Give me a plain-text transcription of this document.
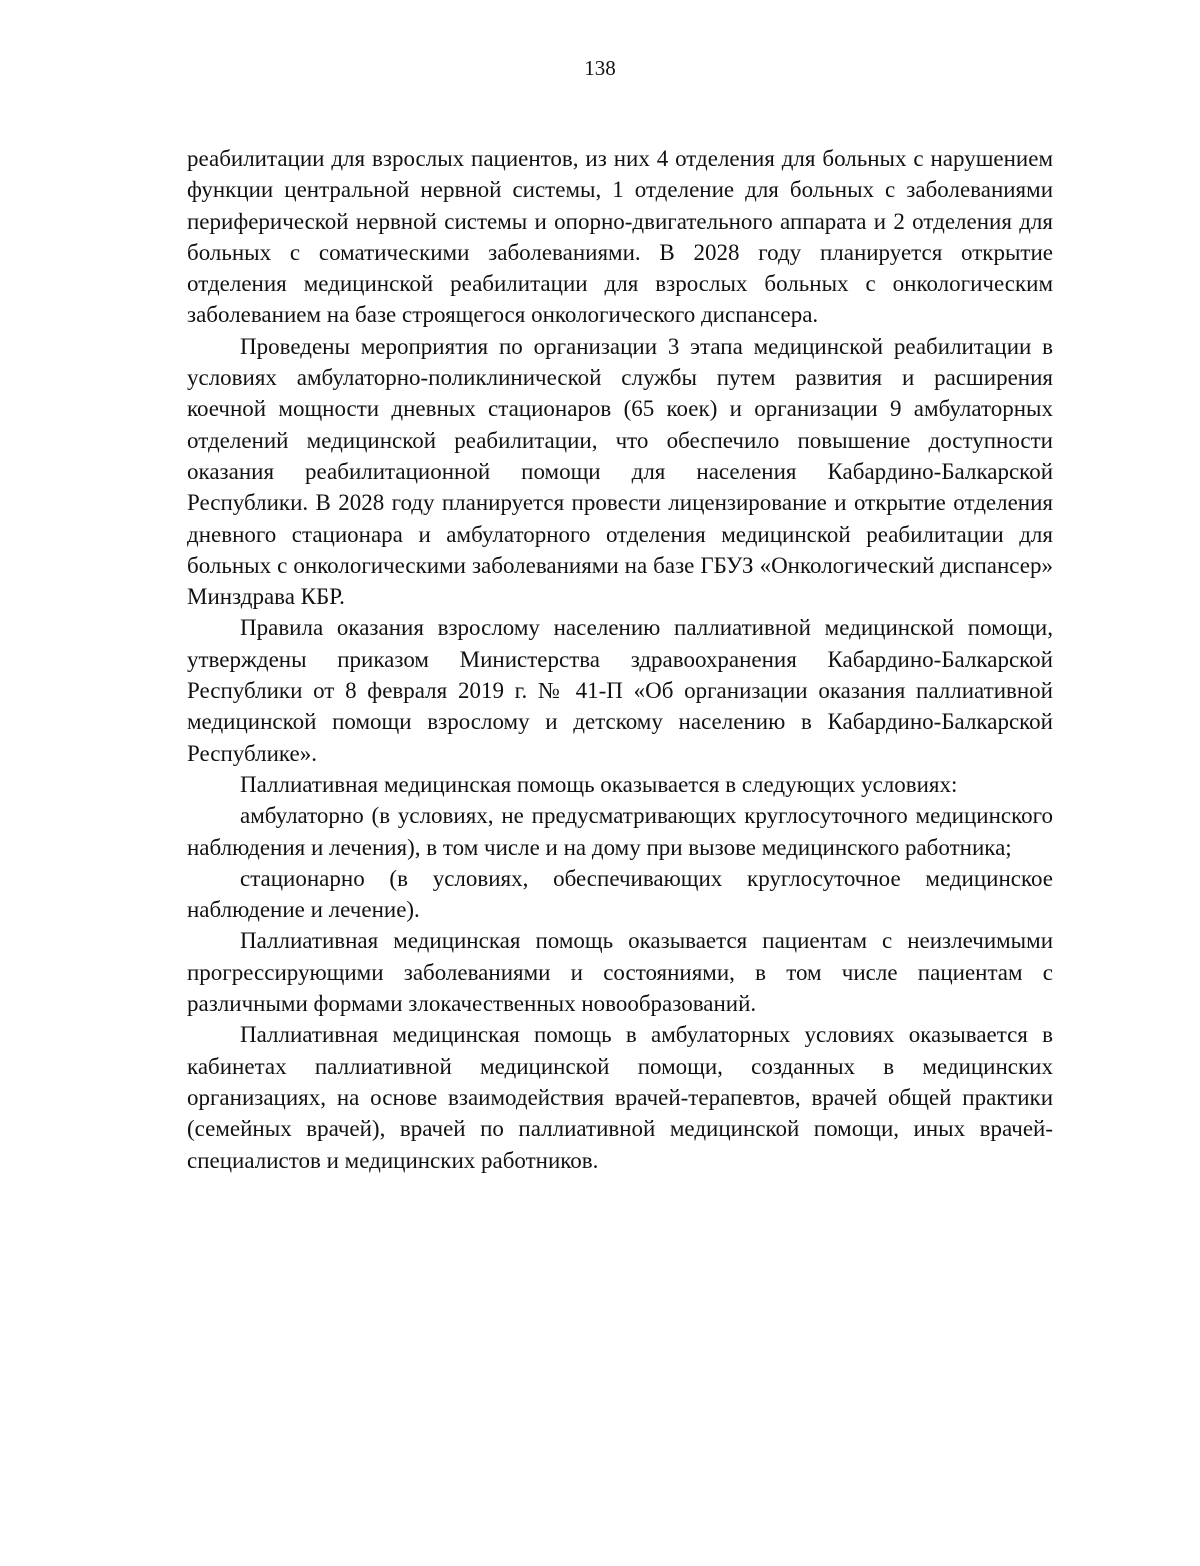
138

реабилитации для взрослых пациентов, из них 4 отделения для больных с нарушением функции центральной нервной системы, 1 отделение для больных с заболеваниями периферической нервной системы и опорно-двигательного аппарата и 2 отделения для больных с соматическими заболеваниями. В 2028 году планируется открытие отделения медицинской реабилитации для взрослых больных с онкологическим заболеванием на базе строящегося онкологического диспансера.

Проведены мероприятия по организации 3 этапа медицинской реабилитации в условиях амбулаторно-поликлинической службы путем развития и расширения коечной мощности дневных стационаров (65 коек) и организации 9 амбулаторных отделений медицинской реабилитации, что обеспечило повышение доступности оказания реабилитационной помощи для населения Кабардино-Балкарской Республики. В 2028 году планируется провести лицензирование и открытие отделения дневного стационара и амбулаторного отделения медицинской реабилитации для больных с онкологическими заболеваниями на базе ГБУЗ «Онкологический диспансер» Минздрава КБР.

Правила оказания взрослому населению паллиативной медицинской помощи, утверждены приказом Министерства здравоохранения Кабардино-Балкарской Республики от 8 февраля 2019 г. № 41-П «Об организации оказания паллиативной медицинской помощи взрослому и детскому населению в Кабардино-Балкарской Республике».

Паллиативная медицинская помощь оказывается в следующих условиях:

амбулаторно (в условиях, не предусматривающих круглосуточного медицинского наблюдения и лечения), в том числе и на дому при вызове медицинского работника;

стационарно (в условиях, обеспечивающих круглосуточное медицинское наблюдение и лечение).

Паллиативная медицинская помощь оказывается пациентам с неизлечимыми прогрессирующими заболеваниями и состояниями, в том числе пациентам с различными формами злокачественных новообразований.

Паллиативная медицинская помощь в амбулаторных условиях оказывается в кабинетах паллиативной медицинской помощи, созданных в медицинских организациях, на основе взаимодействия врачей-терапевтов, врачей общей практики (семейных врачей), врачей по паллиативной медицинской помощи, иных врачей-специалистов и медицинских работников.
